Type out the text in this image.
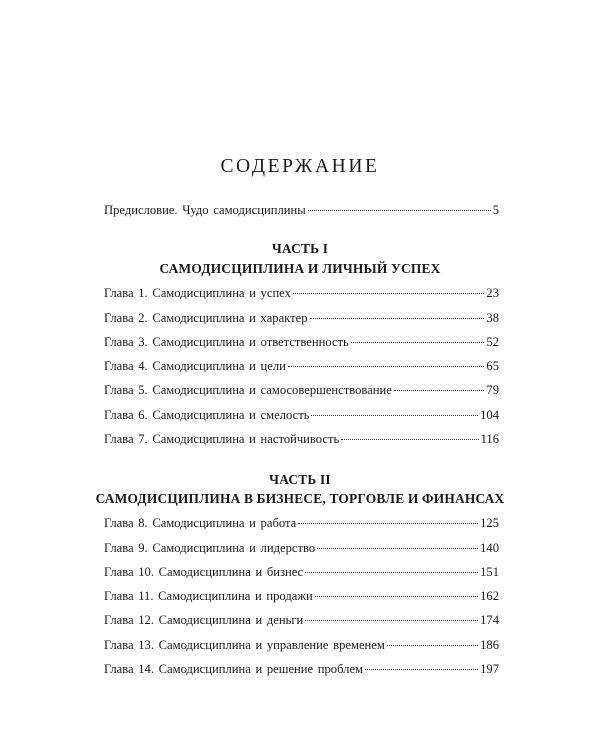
СОДЕРЖАНИЕ
Предисловие. Чудо самодисциплины	5
ЧАСТЬ I
САМОДИСЦИПЛИНА И ЛИЧНЫЙ УСПЕХ
Глава 1. Самодисциплина и успех	23
Глава 2. Самодисциплина и характер	38
Глава 3. Самодисциплина и ответственность	52
Глава 4. Самодисциплина и цели	65
Глава 5. Самодисциплина и самосовершенствование	79
Глава 6. Самодисциплина и смелость	104
Глава 7. Самодисциплина и настойчивость	116
ЧАСТЬ II
САМОДИСЦИПЛИНА В БИЗНЕСЕ, ТОРГОВЛЕ И ФИНАНСАХ
Глава 8. Самодисциплина и работа	125
Глава 9. Самодисциплина и лидерство	140
Глава 10. Самодисциплина и бизнес	151
Глава 11. Самодисциплина и продажи	162
Глава 12. Самодисциплина и деньги	174
Глава 13. Самодисциплина и управление временем	186
Глава 14. Самодисциплина и решение проблем	197
